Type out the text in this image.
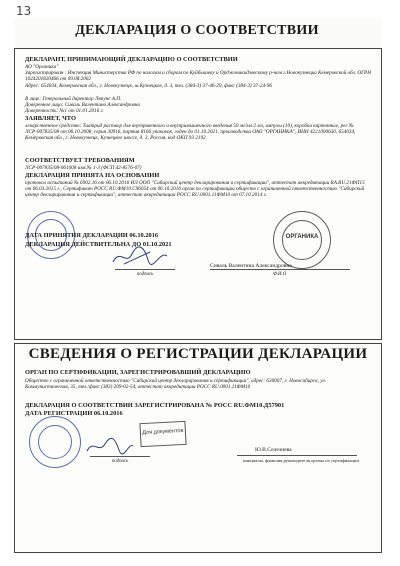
13
ДЕКЛАРАЦИЯ О СООТВЕТСТВИИ
ДЕКЛАРАНТ, ПРИНИМАЮЩИЙ ДЕКЛАРАЦИЮ О СООТВЕТСТВИИ
АО "Органика"
Зарегистрирован : Инспекция Министерства РФ по налогам и сборам по Куйбышеву и Орджоникидзевскому р-нам г.Новокузнецка Кемеровской обл. ОГРН 1024201820466 от 09.08.2002
Адрес: 654034, Кемеровская обл., г. Новокузнецк, ш.Кузнецкое, д. 3, тел. (384-3) 37-46-29, факс (384-3) 37-24-96
В лице: Генеральный директор Ляпунс А.П.
Доверенное лицо: Сиваль Валентина Александровна
Доверенность: №1 от 01.01.2016 г.
ЗАЯВЛЯЕТ, ЧТО
лекарственное средство: Тиатрид раствор для внутривенного и внутримышечного введения 50 мг/мл 2 мл, ампулы (10), коробки картонные, рег № ЛСР-007835/08 от 06.10.2008, серия 30916, партия 8166 упаковок, годен до 01.10.2021, производства ОАО "ОРГАНИКА", ИНН 4221000630, 654034, Кемеровская обл., г. Новокузнецк, Кузнецкое шоссе, д. 3, Россия, код ОКП 93 2192
СООТВЕТСТВУЕТ ТРЕБОВАНИЯМ
ЛСР-007835/08-061008 изм.№ 1-3 (ФСП 42-8576-07)
ДЕКЛАРАЦИЯ ПРИНЯТА НА ОСНОВАНИИ
протокол испытаний № 6902.16 от 06.10.2016 ИЛ ООО "Сибирский центр декларирования и сертификации", аттестат аккредитации RA.RU.21ФП15 от 06.03.2015 г., Сертификат РОСС RU.ФМ10.С96054 от 06.10.2016 орган по сертификации обществ с ограниченной ответственностью "Сибирский центр декларирования и сертификации", аттестат аккредитации РОСС RU.0001.11ФМ10 от 07.10.2014 г.
ДАТА ПРИНЯТИЯ ДЕКЛАРАЦИИ 06.10.2016
ДЕКЛАРАЦИЯ ДЕЙСТВИТЕЛЬНА ДО 01.10.2021
подпись
ОРГАНИКА
Сиваль Валентина Александровна
Ф.И.О
СВЕДЕНИЯ О РЕГИСТРАЦИИ ДЕКЛАРАЦИИ
ОРГАН ПО СЕРТИФИКАЦИИ, ЗАРЕГИСТРИРОВАВШИЙ ДЕКЛАРАЦИЮ
Общество с ограниченной ответственностью "Сибирский центр декларирования и сертификации", адрес: 630007, г. Новосибирск, ул. Коммунистическая, 35, тел./факс (383) 209-02-54, аттестат аккредитации РОСС RU.0001.11ФМ10
ДЕКЛАРАЦИЯ О СООТВЕТСТВИИ ЗАРЕГИСТРИРОВАНА № РОСС RU.ФМ10.Д57901
ДАТА РЕГИСТРАЦИИ 06.10.2016
Для документов
подпись
Ю.В.Селезнева
инициалы, фамилия руководителя органа по сертификации
